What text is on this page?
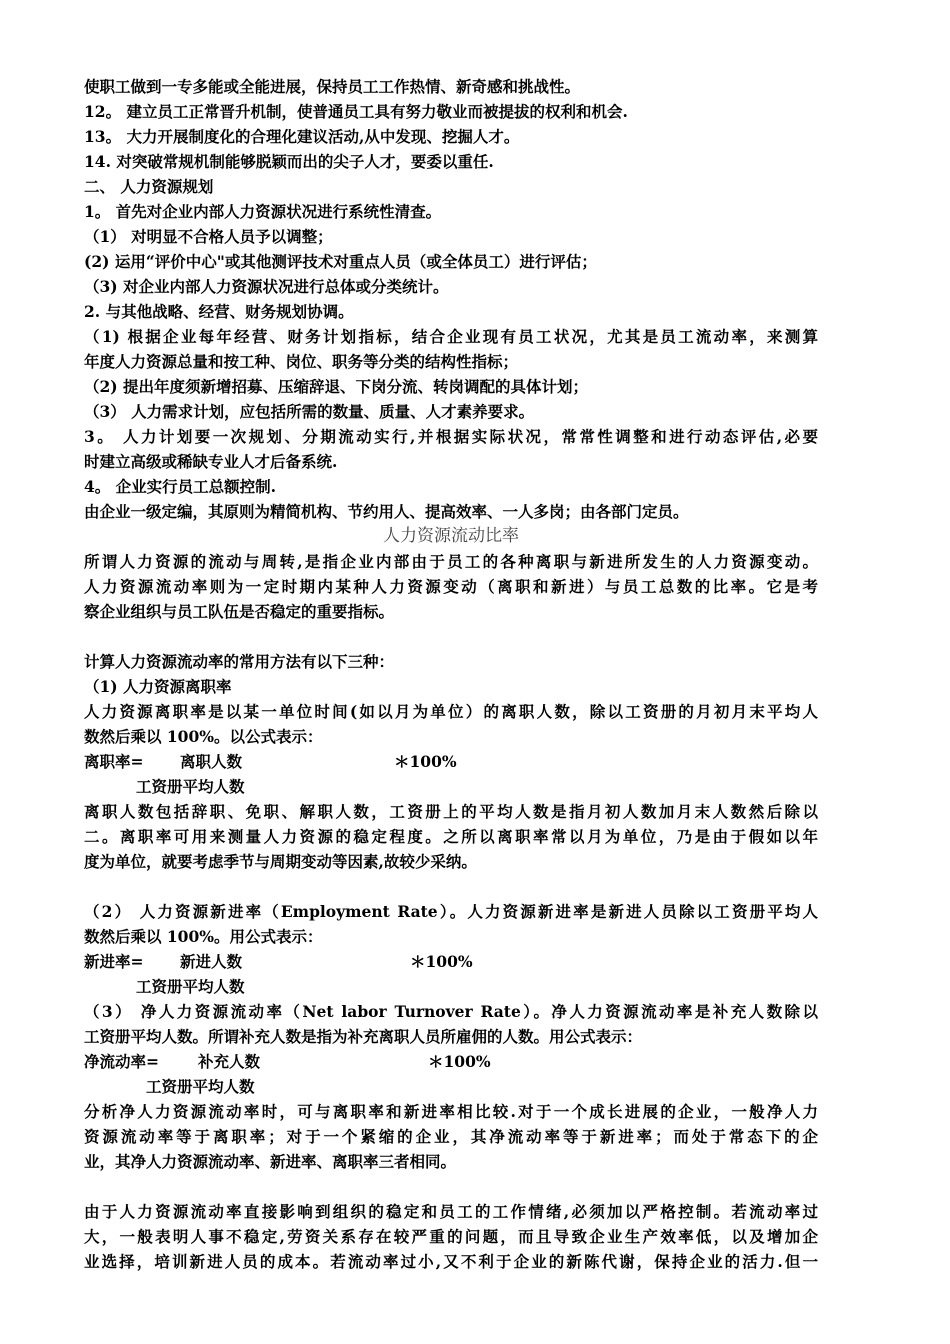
使职工做到一专多能或全能进展，保持员工工作热情、新奇感和挑战性。
12。 建立员工正常晋升机制，使普通员工具有努力敬业而被提拔的权利和机会.
13。 大力开展制度化的合理化建议活动,从中发现、挖掘人才。
14. 对突破常规机制能够脱颖而出的尖子人才，要委以重任.
二、 人力资源规划
1。 首先对企业内部人力资源状况进行系统性清查。
（1） 对明显不合格人员予以调整；
(2) 运用“评价中心"或其他测评技术对重点人员（或全体员工）进行评估；
（3) 对企业内部人力资源状况进行总体或分类统计。
2. 与其他战略、经营、财务规划协调。
（1) 根据企业每年经营、财务计划指标，结合企业现有员工状况，尤其是员工流动率，来测算
年度人力资源总量和按工种、岗位、职务等分类的结构性指标；
（2) 提出年度须新增招募、压缩辞退、下岗分流、转岗调配的具体计划；
（3） 人力需求计划，应包括所需的数量、质量、人才素养要求。
3。 人力计划要一次规划、分期流动实行,并根据实际状况，常常性调整和进行动态评估,必要
时建立高级或稀缺专业人才后备系统.
4。 企业实行员工总额控制.
由企业一级定编，其原则为精简机构、节约用人、提高效率、一人多岗；由各部门定员。
人力资源流动比率
所谓人力资源的流动与周转,是指企业内部由于员工的各种离职与新进所发生的人力资源变动。
人力资源流动率则为一定时期内某种人力资源变动（离职和新进）与员工总数的比率。它是考
察企业组织与员工队伍是否稳定的重要指标。
计算人力资源流动率的常用方法有以下三种：
（1) 人力资源离职率
人力资源离职率是以某一单位时间(如以月为单位）的离职人数，除以工资册的月初月末平均人
数然后乘以 100%。以公式表示：
离职率= 离职人数	＊100%
工资册平均人数
离职人数包括辞职、免职、解职人数，工资册上的平均人数是指月初人数加月末人数然后除以
二。离职率可用来测量人力资源的稳定程度。之所以离职率常以月为单位，乃是由于假如以年
度为单位，就要考虑季节与周期变动等因素,故较少采纳。
（2） 人力资源新进率（Employment Rate）。人力资源新进率是新进人员除以工资册平均人
数然后乘以 100%。用公式表示：
新进率= 新进人数	＊100%
工资册平均人数
（3） 净人力资源流动率（Net labor Turnover Rate）。净人力资源流动率是补充人数除以
工资册平均人数。所谓补充人数是指为补充离职人员所雇佣的人数。用公式表示：
净流动率=	补充人数	＊100%
工资册平均人数
分析净人力资源流动率时，可与离职率和新进率相比较.对于一个成长进展的企业，一般净人力
资源流动率等于离职率；对于一个紧缩的企业，其净流动率等于新进率；而处于常态下的企
业，其净人力资源流动率、新进率、离职率三者相同。
由于人力资源流动率直接影响到组织的稳定和员工的工作情绪,必须加以严格控制。若流动率过
大，一般表明人事不稳定,劳资关系存在较严重的问题，而且导致企业生产效率低，以及增加企
业选择，培训新进人员的成本。若流动率过小,又不利于企业的新陈代谢，保持企业的活力.但一
